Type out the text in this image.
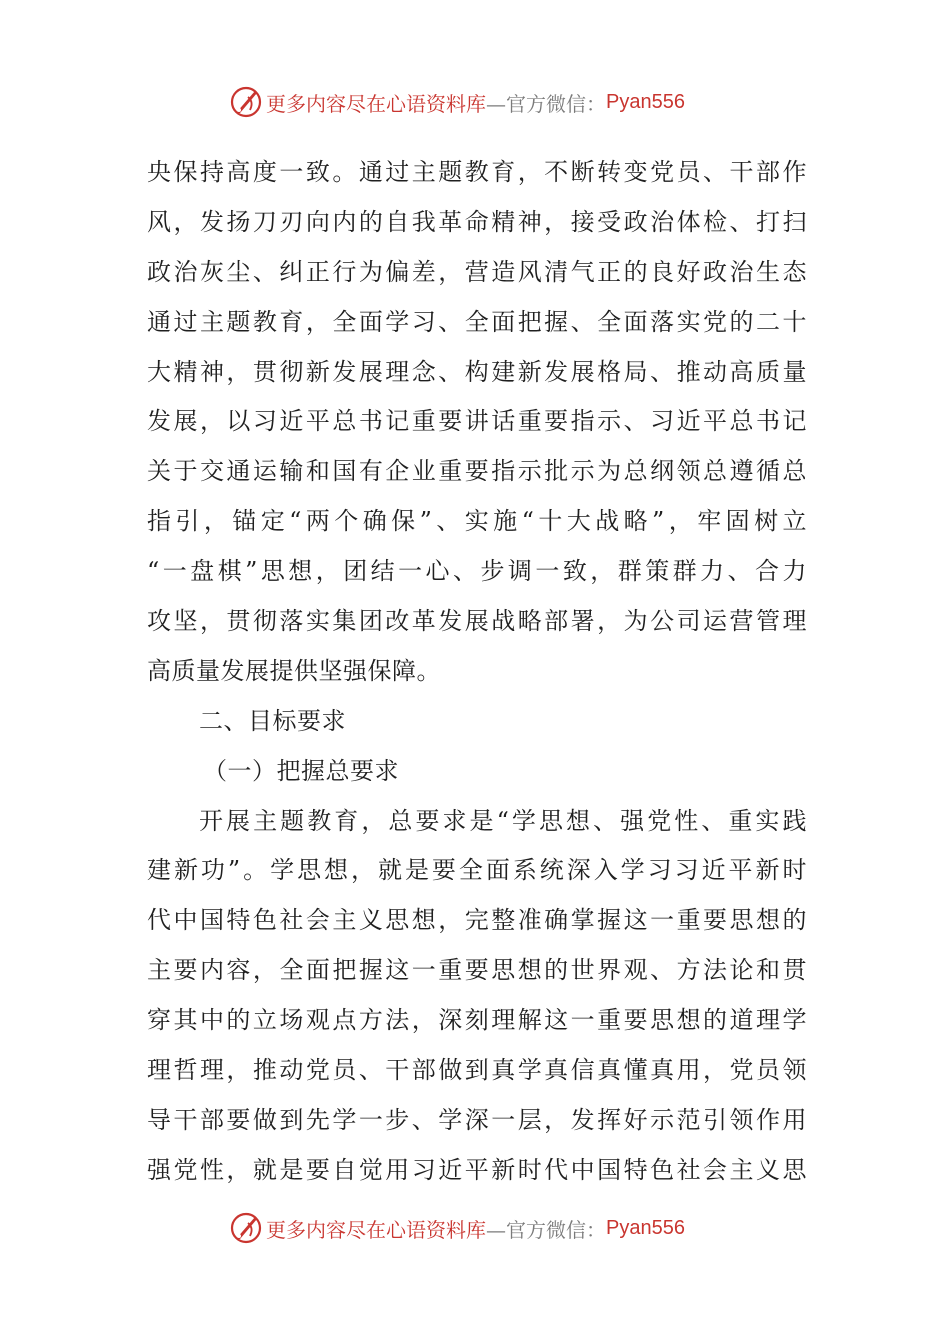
更多内容尽在心语资料库 —官方微信： Pyan556
央保持高度一致。通过主题教育，不断转变党员、干部作
风，发扬刀刃向内的自我革命精神，接受政治体检、打扫
政治灰尘、纠正行为偏差，营造风清气正的良好政治生态
通过主题教育，全面学习、全面把握、全面落实党的二十
大精神，贯彻新发展理念、构建新发展格局、推动高质量
发展，以习近平总书记重要讲话重要指示、习近平总书记
关于交通运输和国有企业重要指示批示为总纲领总遵循总
指引，锚定“两个确保”、实施“十大战略”，牢固树立
“一盘棋”思想，团结一心、步调一致，群策群力、合力
攻坚，贯彻落实集团改革发展战略部署，为公司运营管理
高质量发展提供坚强保障。
二、目标要求
（一）把握总要求
开展主题教育，总要求是“学思想、强党性、重实践
建新功”。学思想，就是要全面系统深入学习习近平新时
代中国特色社会主义思想，完整准确掌握这一重要思想的
主要内容，全面把握这一重要思想的世界观、方法论和贯
穿其中的立场观点方法，深刻理解这一重要思想的道理学
理哲理，推动党员、干部做到真学真信真懂真用，党员领
导干部要做到先学一步、学深一层，发挥好示范引领作用
强党性，就是要自觉用习近平新时代中国特色社会主义思
更多内容尽在心语资料库 —官方微信： Pyan556
